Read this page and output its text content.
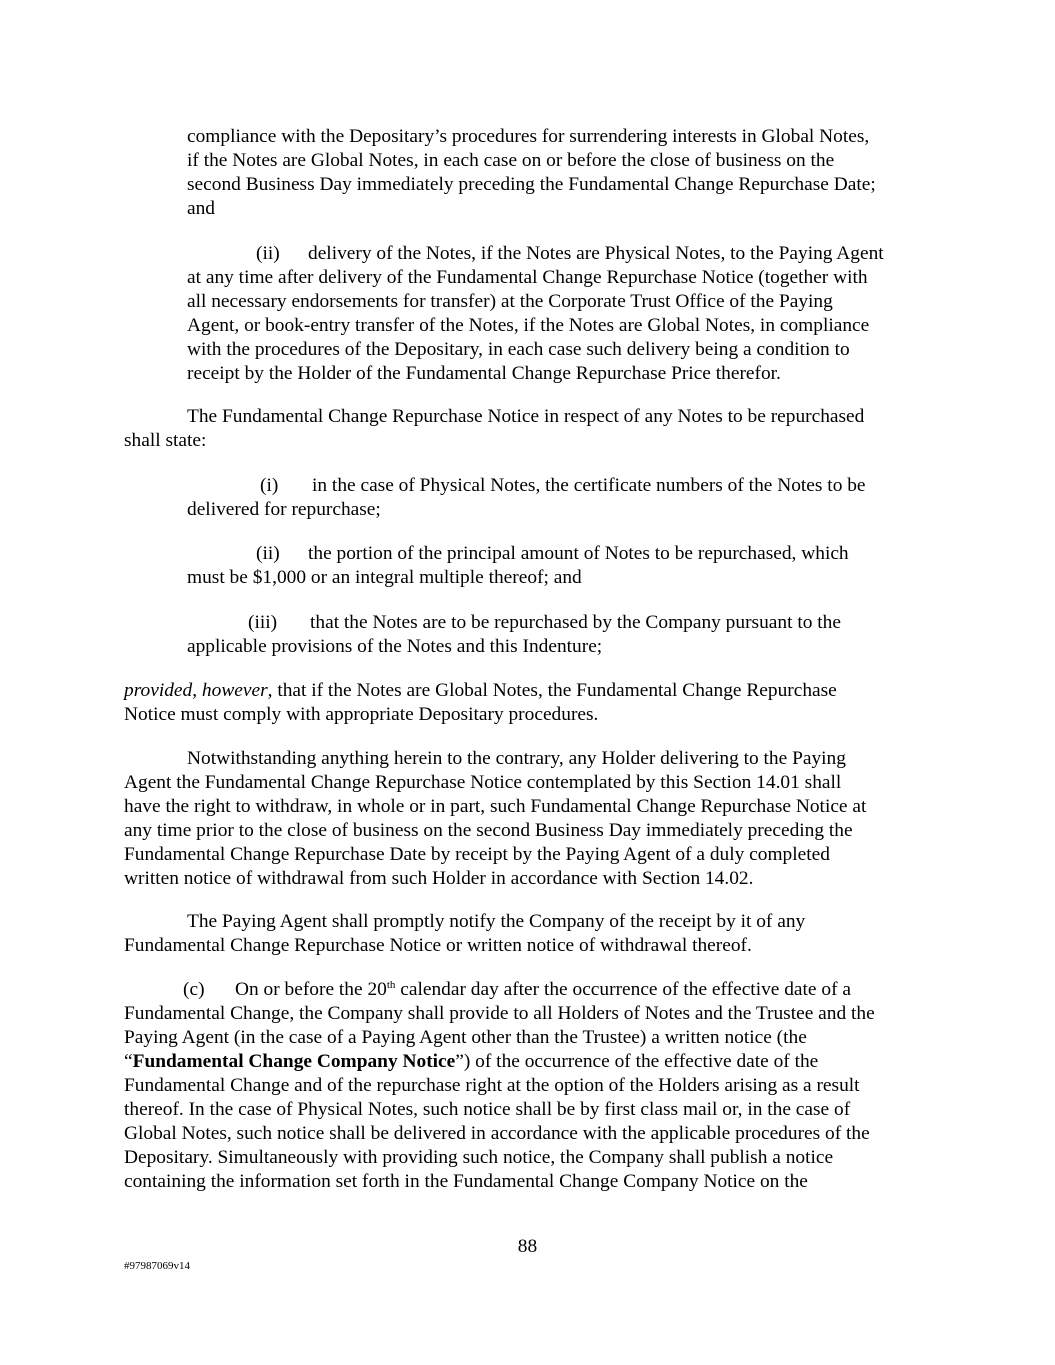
compliance with the Depositary’s procedures for surrendering interests in Global Notes,
if the Notes are Global Notes, in each case on or before the close of business on the
second Business Day immediately preceding the Fundamental Change Repurchase Date;
and
(ii) delivery of the Notes, if the Notes are Physical Notes, to the Paying Agent
at any time after delivery of the Fundamental Change Repurchase Notice (together with
all necessary endorsements for transfer) at the Corporate Trust Office of the Paying
Agent, or book-entry transfer of the Notes, if the Notes are Global Notes, in compliance
with the procedures of the Depositary, in each case such delivery being a condition to
receipt by the Holder of the Fundamental Change Repurchase Price therefor.
The Fundamental Change Repurchase Notice in respect of any Notes to be repurchased
shall state:
(i) in the case of Physical Notes, the certificate numbers of the Notes to be
delivered for repurchase;
(ii) the portion of the principal amount of Notes to be repurchased, which
must be $1,000 or an integral multiple thereof; and
(iii) that the Notes are to be repurchased by the Company pursuant to the
applicable provisions of the Notes and this Indenture;
provided, however, that if the Notes are Global Notes, the Fundamental Change Repurchase
Notice must comply with appropriate Depositary procedures.
Notwithstanding anything herein to the contrary, any Holder delivering to the Paying
Agent the Fundamental Change Repurchase Notice contemplated by this Section 14.01 shall
have the right to withdraw, in whole or in part, such Fundamental Change Repurchase Notice at
any time prior to the close of business on the second Business Day immediately preceding the
Fundamental Change Repurchase Date by receipt by the Paying Agent of a duly completed
written notice of withdrawal from such Holder in accordance with Section 14.02.
The Paying Agent shall promptly notify the Company of the receipt by it of any
Fundamental Change Repurchase Notice or written notice of withdrawal thereof.
(c) On or before the 20th calendar day after the occurrence of the effective date of a
Fundamental Change, the Company shall provide to all Holders of Notes and the Trustee and the
Paying Agent (in the case of a Paying Agent other than the Trustee) a written notice (the
“Fundamental Change Company Notice”) of the occurrence of the effective date of the
Fundamental Change and of the repurchase right at the option of the Holders arising as a result
thereof. In the case of Physical Notes, such notice shall be by first class mail or, in the case of
Global Notes, such notice shall be delivered in accordance with the applicable procedures of the
Depositary. Simultaneously with providing such notice, the Company shall publish a notice
containing the information set forth in the Fundamental Change Company Notice on the
88
#97987069v14
